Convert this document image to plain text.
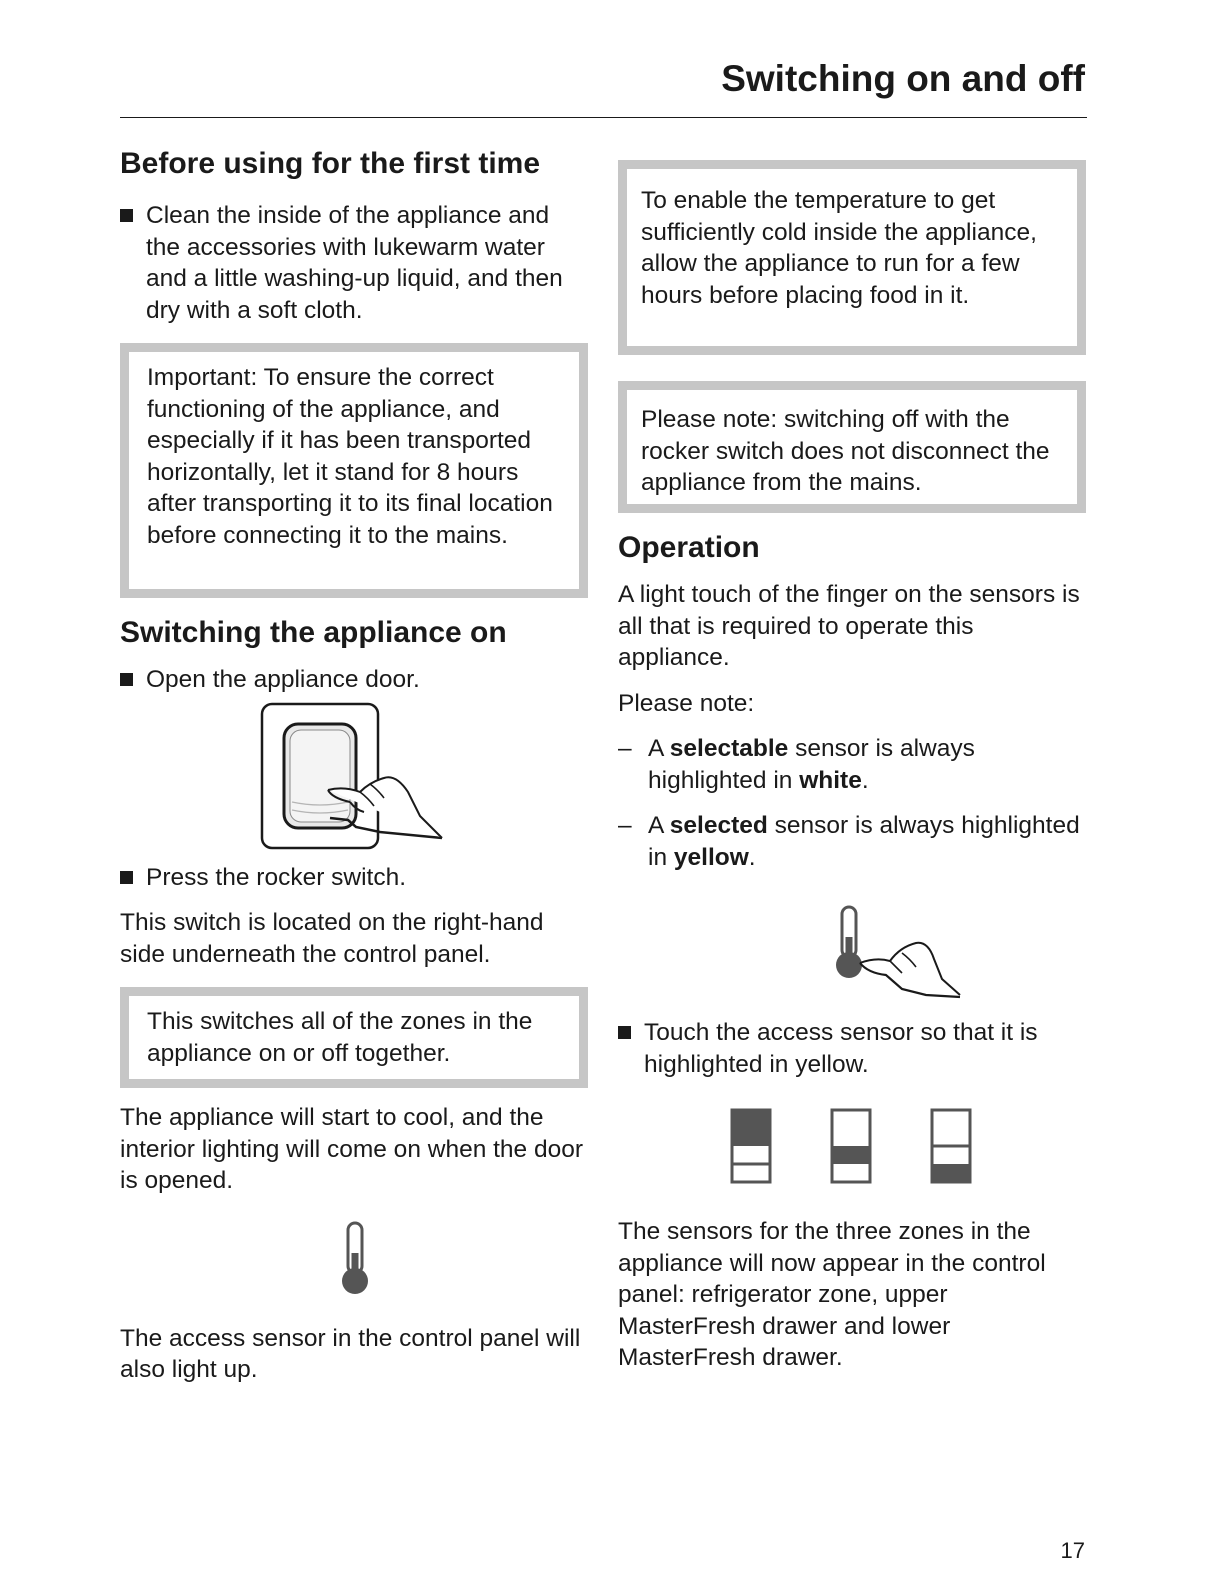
Switching on and off
Before using for the first time
Clean the inside of the appliance and the accessories with lukewarm water and a little washing-up liquid, and then dry with a soft cloth.
Important: To ensure the correct functioning of the appliance, and especially if it has been transported horizontally, let it stand for 8 hours after transporting it to its final location before connecting it to the mains.
Switching the appliance on
Open the appliance door.
Press the rocker switch.

This switch is located on the right-hand side underneath the control panel.

This switches all of the zones in the appliance on or off together.

The appliance will start to cool, and the interior lighting will come on when the door is opened.

The access sensor in the control panel will also light up.

To enable the temperature to get sufficiently cold inside the appliance, allow the appliance to run for a few hours before placing food in it.
Please note: switching off with the rocker switch does not disconnect the appliance from the mains.
Operation

A light touch of the finger on the sensors is all that is required to operate this appliance.

Please note:

– A selectable sensor is always highlighted in white.
– A selected sensor is always highlighted in yellow.
Touch the access sensor so that it is highlighted in yellow.

The sensors for the three zones in the appliance will now appear in the control panel: refrigerator zone, upper MasterFresh drawer and lower MasterFresh drawer.

17
